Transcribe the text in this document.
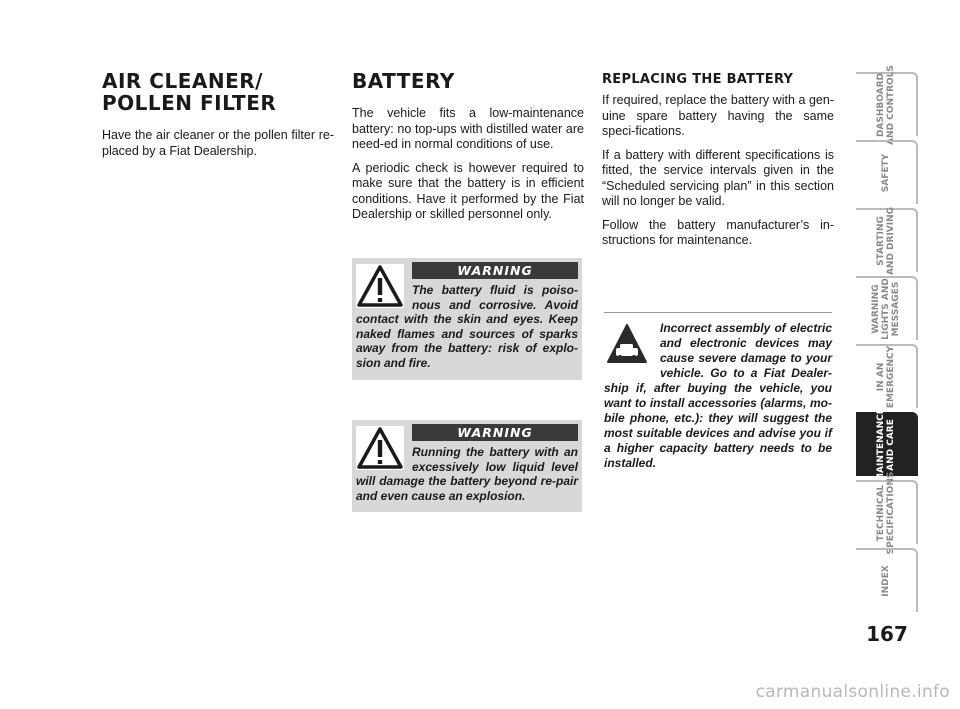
AIR CLEANER/
POLLEN FILTER

Have the air cleaner or the pollen filter re-placed by a Fiat Dealership.

BATTERY

The vehicle fits a low-maintenance battery: no top-ups with distilled water are need-ed in normal conditions of use.

A periodic check is however required to make sure that the battery is in efficient conditions. Have it performed by the Fiat Dealership or skilled personnel only.

WARNING
The battery fluid is poiso-nous and corrosive. Avoid contact with the skin and eyes. Keep naked flames and sources of sparks away from the battery: risk of explo-sion and fire.
WARNING
Running the battery with an excessively low liquid level will damage the battery beyond re-pair and even cause an explosion.
REPLACING THE BATTERY

If required, replace the battery with a gen-uine spare battery having the same speci-fications.

If a battery with different specifications is fitted, the service intervals given in the “Scheduled servicing plan” in this section will no longer be valid.

Follow the battery manufacturer’s in-structions for maintenance.

Incorrect assembly of electric and electronic devices may cause severe damage to your vehicle. Go to a Fiat Dealer-ship if, after buying the vehicle, you want to install accessories (alarms, mo-bile phone, etc.): they will suggest the most suitable devices and advise you if a higher capacity battery needs to be installed.

DASHBOARD
AND CONTROLS
SAFETY
STARTING
AND DRIVING
WARNING
LIGHTS AND
MESSAGES
IN AN
EMERGENCY
MAINTENANCE
AND CARE
TECHNICAL
SPECIFICATIONS
INDEX
167
carmanualsonline.info
